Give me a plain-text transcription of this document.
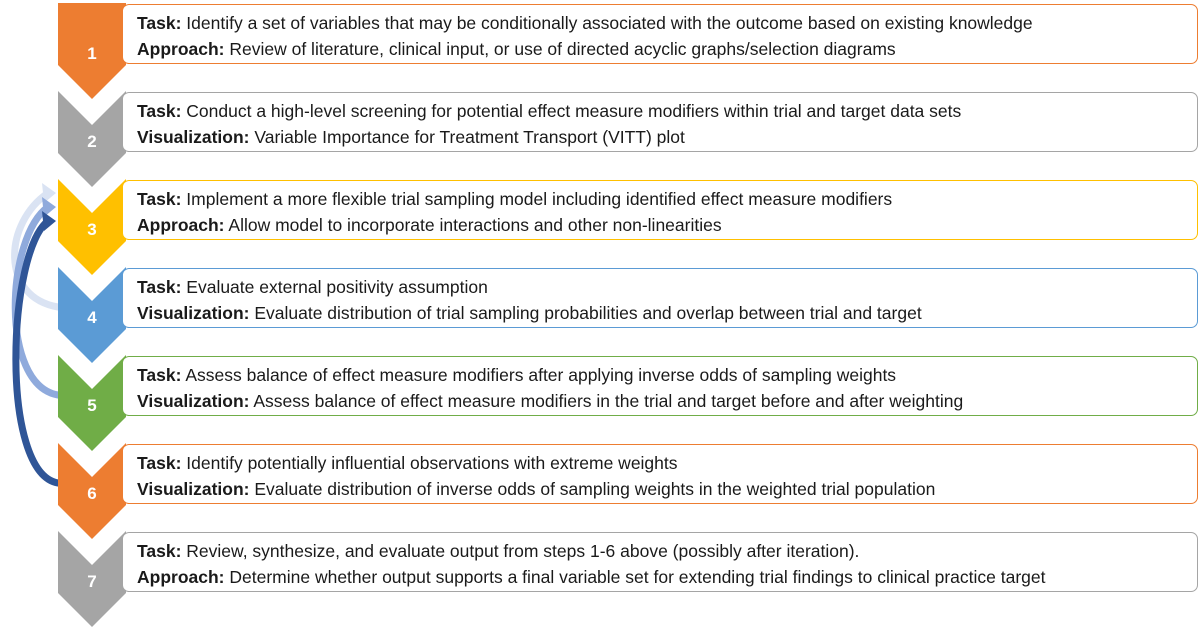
1
2
3
4
5
6
7
Task: Identify a set of variables that may be conditionally associated with the outcome based on existing knowledge
Approach: Review of literature, clinical input, or use of directed acyclic graphs/selection diagrams
Task: Conduct a high-level screening for potential effect measure modifiers within trial and target data sets
Visualization: Variable Importance for Treatment Transport (VITT) plot
Task: Implement a more flexible trial sampling model including identified effect measure modifiers
Approach: Allow model to incorporate interactions and other non-linearities
Task: Evaluate external positivity assumption
Visualization: Evaluate distribution of trial sampling probabilities and overlap between trial and target
Task: Assess balance of effect measure modifiers after applying inverse odds of sampling weights
Visualization: Assess balance of effect measure modifiers in the trial and target before and after weighting
Task: Identify potentially influential observations with extreme weights
Visualization: Evaluate distribution of inverse odds of sampling weights in the weighted trial population
Task: Review, synthesize, and evaluate output from steps 1-6 above (possibly after iteration).
Approach: Determine whether output supports a final variable set for extending trial findings to clinical practice target
